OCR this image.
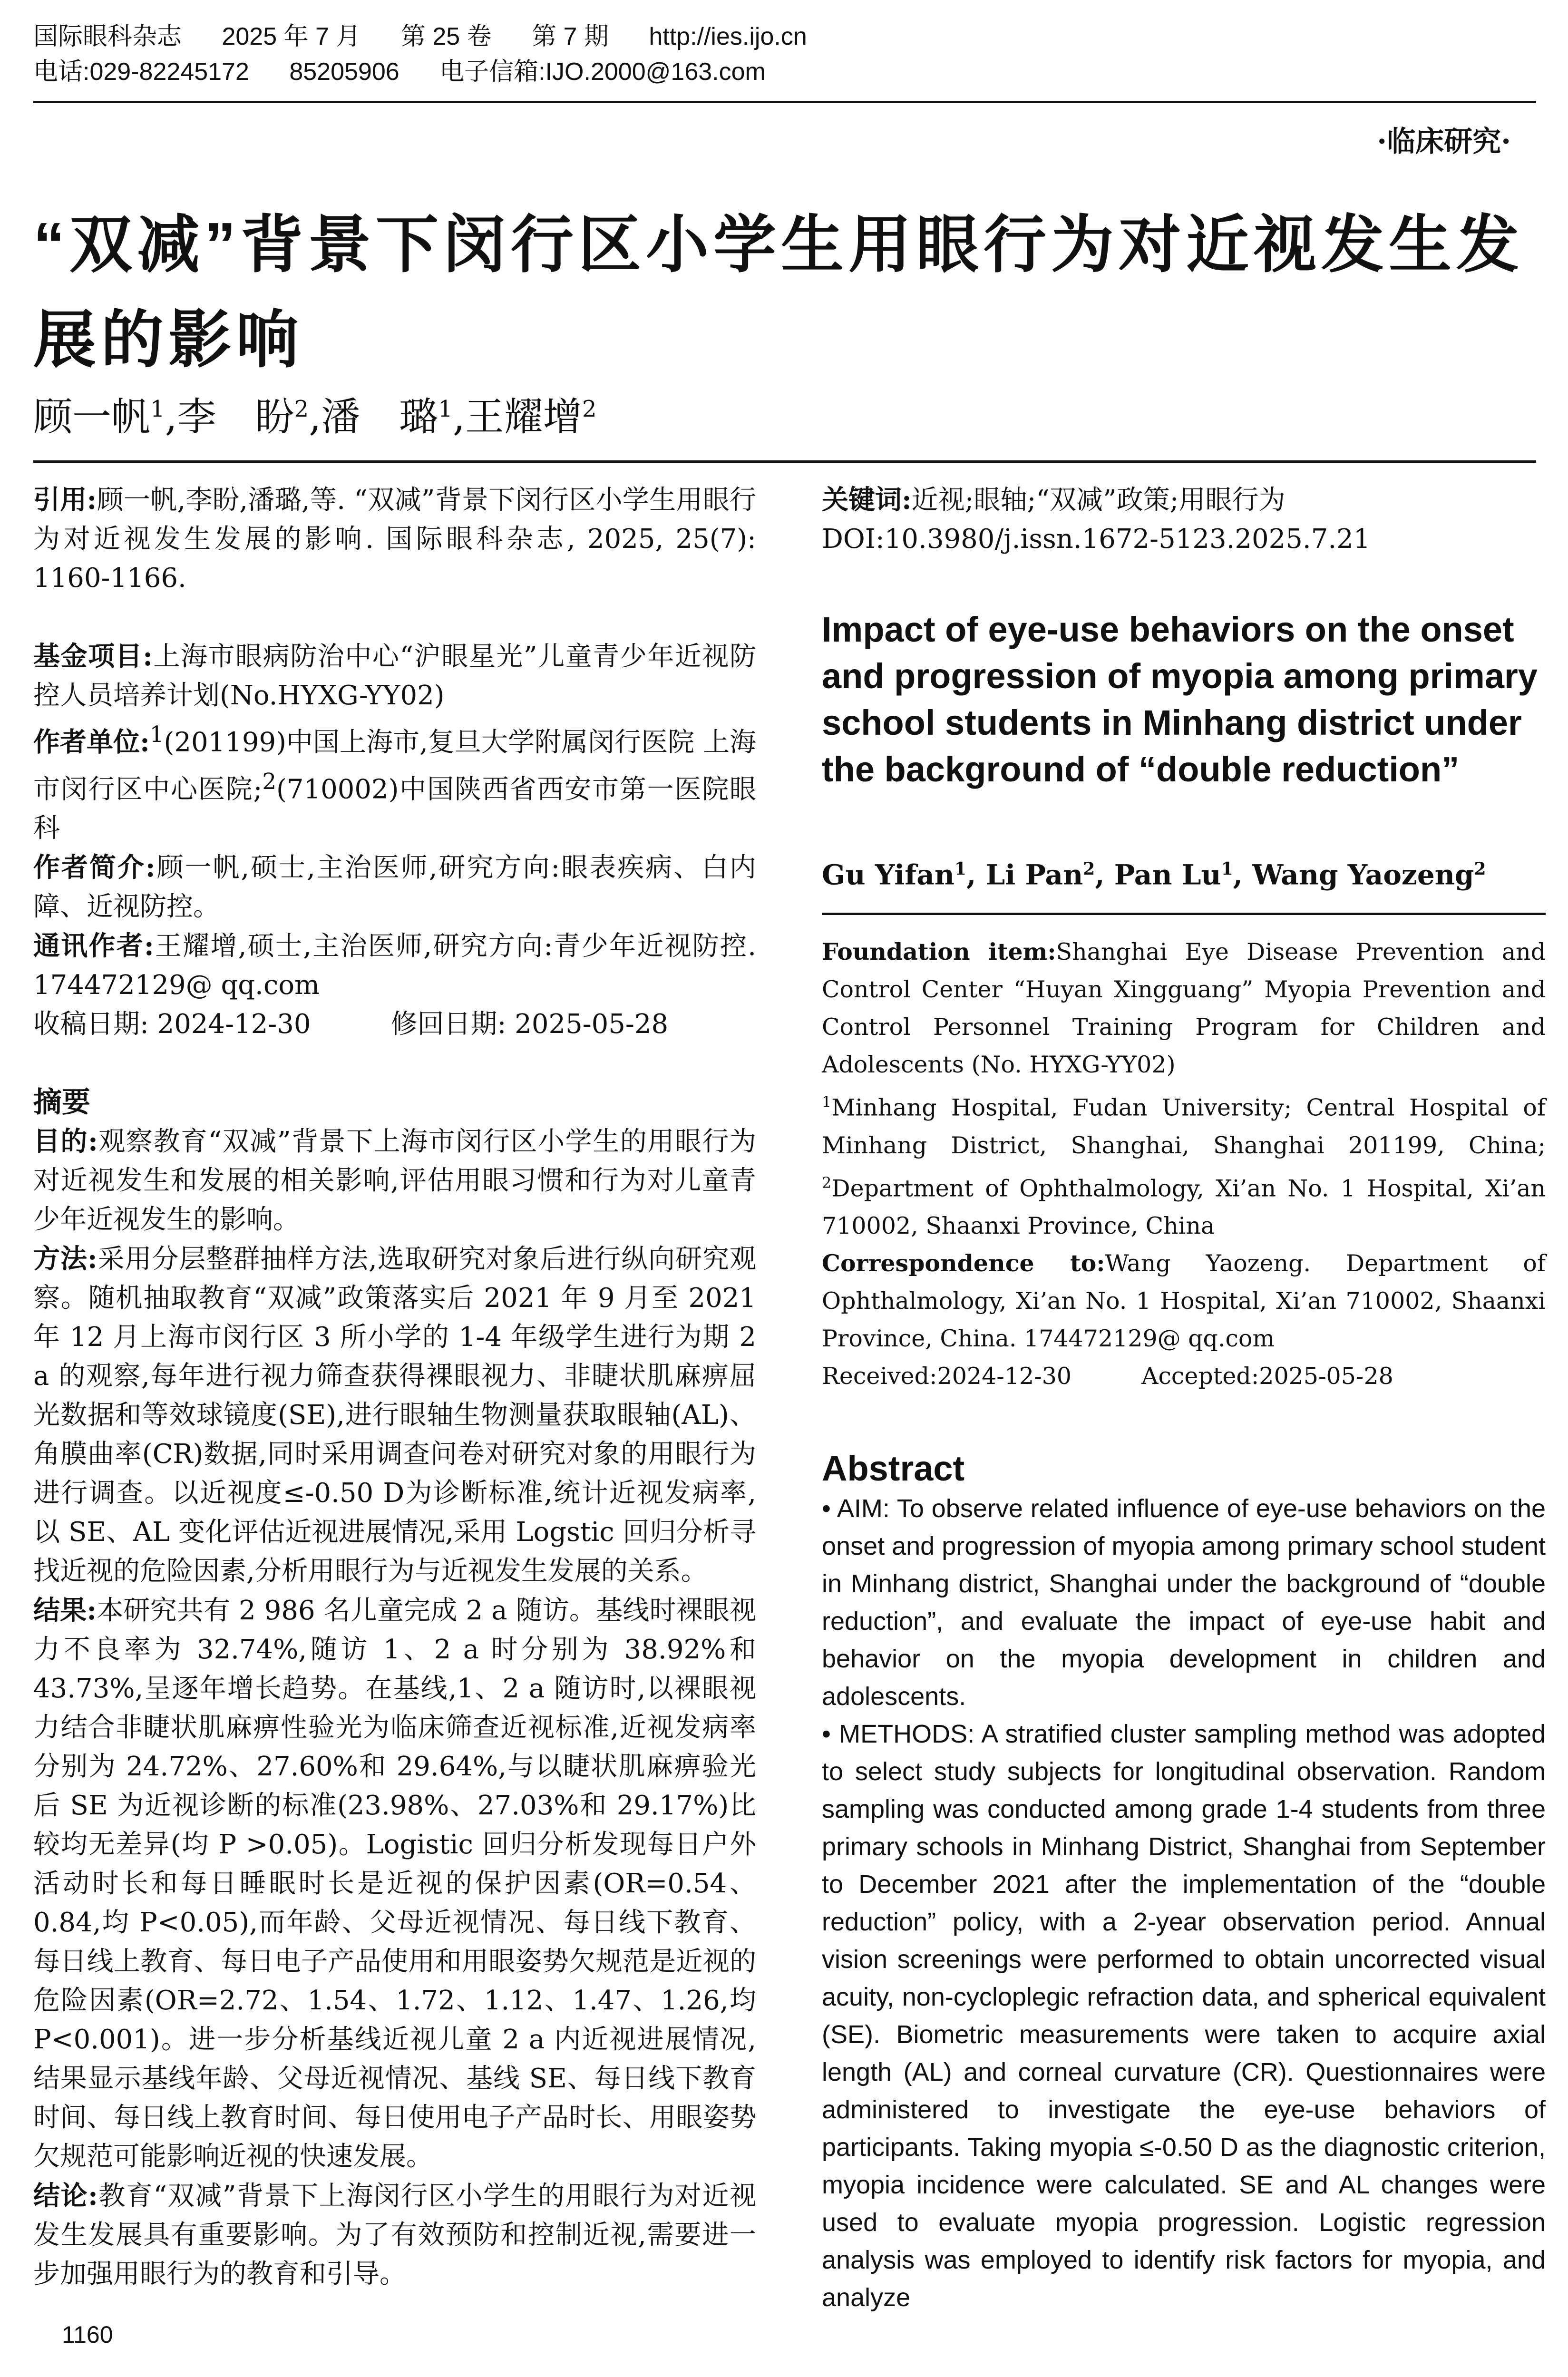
国际眼科杂志 2025 年 7 月 第 25 卷 第 7 期 http://ies.ijo.cn
电话:029-82245172 85205906 电子信箱:IJO.2000@163.com
·临床研究·
“双减”背景下闵行区小学生用眼行为对近视发生发展的影响
顾一帆$^1$,李　盼$^2$,潘　璐$^1$,王耀增$^2$

引用:顾一帆,李盼,潘璐,等. “双减”背景下闵行区小学生用眼行为对近视发生发展的影响. 国际眼科杂志, 2025, 25(7): 1160-1166.

基金项目:上海市眼病防治中心“沪眼星光”儿童青少年近视防控人员培养计划(No.HYXG-YY02)

作者单位:$^1$(201199)中国上海市,复旦大学附属闵行医院 上海市闵行区中心医院;$^2$(710002)中国陕西省西安市第一医院眼科

作者简介:顾一帆,硕士,主治医师,研究方向:眼表疾病、白内障、近视防控。

通讯作者:王耀增,硕士,主治医师,研究方向:青少年近视防控. 174472129@ qq.com

收稿日期: 2024-12-30　　　	修回日期: 2025-05-28

摘要

目的:观察教育“双减”背景下上海市闵行区小学生的用眼行为对近视发生和发展的相关影响,评估用眼习惯和行为对儿童青少年近视发生的影响。

方法:采用分层整群抽样方法,选取研究对象后进行纵向研究观察。随机抽取教育“双减”政策落实后 2021 年 9 月至 2021 年 12 月上海市闵行区 3 所小学的 1-4 年级学生进行为期 2 a 的观察,每年进行视力筛查获得裸眼视力、非睫状肌麻痹屈光数据和等效球镜度(SE),进行眼轴生物测量获取眼轴(AL)、角膜曲率(CR)数据,同时采用调查问卷对研究对象的用眼行为进行调查。以近视度≤-0.50 D为诊断标准,统计近视发病率,以 SE、AL 变化评估近视进展情况,采用 Logstic 回归分析寻找近视的危险因素,分析用眼行为与近视发生发展的关系。

结果:本研究共有 2 986 名儿童完成 2 a 随访。基线时裸眼视力不良率为 32.74%,随访 1、2 a 时分别为 38.92%和 43.73%,呈逐年增长趋势。在基线,1、2 a 随访时,以裸眼视力结合非睫状肌麻痹性验光为临床筛查近视标准,近视发病率分别为 24.72%、27.60%和 29.64%,与以睫状肌麻痹验光后 SE 为近视诊断的标准(23.98%、27.03%和 29.17%)比较均无差异(均 P >0.05)。Logistic 回归分析发现每日户外活动时长和每日睡眠时长是近视的保护因素(OR=0.54、0.84,均 P<0.05),而年龄、父母近视情况、每日线下教育、每日线上教育、每日电子产品使用和用眼姿势欠规范是近视的危险因素(OR=2.72、1.54、1.72、1.12、1.47、1.26,均 P<0.001)。进一步分析基线近视儿童 2 a 内近视进展情况,结果显示基线年龄、父母近视情况、基线 SE、每日线下教育时间、每日线上教育时间、每日使用电子产品时长、用眼姿势欠规范可能影响近视的快速发展。

结论:教育“双减”背景下上海闵行区小学生的用眼行为对近视发生发展具有重要影响。为了有效预防和控制近视,需要进一步加强用眼行为的教育和引导。

关键词:近视;眼轴;“双减”政策;用眼行为

DOI:10.3980/j.issn.1672-5123.2025.7.21

Impact of eye-use behaviors on the onset and progression of myopia among primary school students in Minhang district under the background of “double reduction”
Gu Yifan$^1$, Li Pan$^2$, Pan Lu$^1$, Wang Yaozeng$^2$

Foundation item:Shanghai Eye Disease Prevention and Control Center “Huyan Xingguang” Myopia Prevention and Control Personnel Training Program for Children and Adolescents (No. HYXG-YY02)

$^1$Minhang Hospital, Fudan University; Central Hospital of Minhang District, Shanghai, Shanghai 201199, China; $^2$Department of Ophthalmology, Xi’an No. 1 Hospital, Xi’an 710002, Shaanxi Province, China

Correspondence to:Wang Yaozeng. Department of Ophthalmology, Xi’an No. 1 Hospital, Xi’an 710002, Shaanxi Province, China. 174472129@ qq.com

Received:2024-12-30　　　	Accepted:2025-05-28

Abstract

• AIM: To observe related influence of eye-use behaviors on the onset and progression of myopia among primary school student in Minhang district, Shanghai under the background of “double reduction”, and evaluate the impact of eye-use habit and behavior on the myopia development in children and adolescents.

• METHODS: A stratified cluster sampling method was adopted to select study subjects for longitudinal observation. Random sampling was conducted among grade 1-4 students from three primary schools in Minhang District, Shanghai from September to December 2021 after the implementation of the “double reduction” policy, with a 2-year observation period. Annual vision screenings were performed to obtain uncorrected visual acuity, non-cycloplegic refraction data, and spherical equivalent (SE). Biometric measurements were taken to acquire axial length (AL) and corneal curvature (CR). Questionnaires were administered to investigate the eye-use behaviors of participants. Taking myopia ≤-0.50 D as the diagnostic criterion, myopia incidence were calculated. SE and AL changes were used to evaluate myopia progression. Logistic regression analysis was employed to identify risk factors for myopia, and analyze

1160
